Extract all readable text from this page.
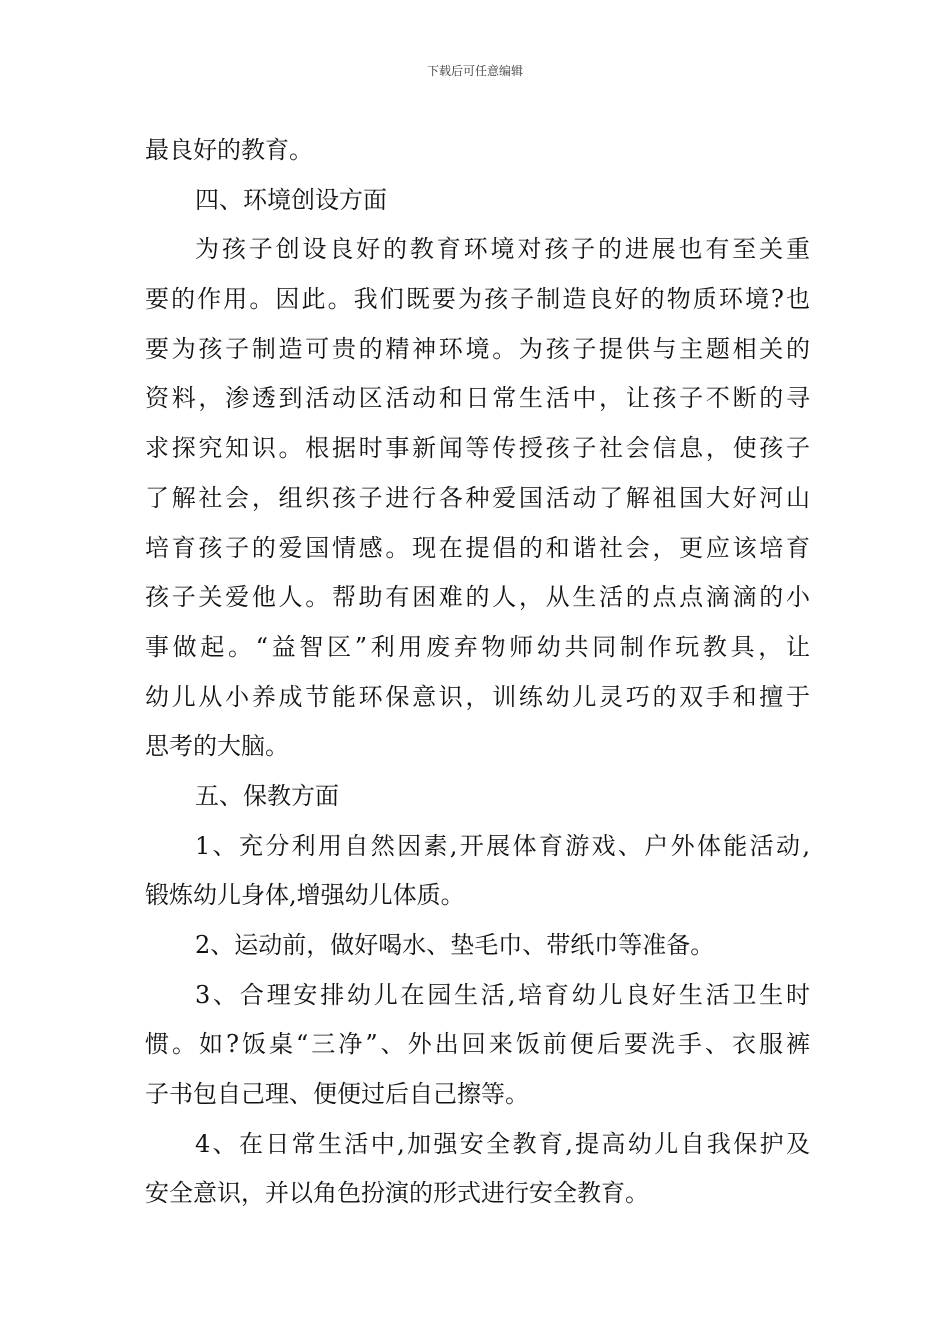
下载后可任意编辑
最良好的教育。
四、环境创设方面
为孩子创设良好的教育环境对孩子的进展也有至关重
要的作用。因此。我们既要为孩子制造良好的物质环境?也
要为孩子制造可贵的精神环境。为孩子提供与主题相关的
资料，渗透到活动区活动和日常生活中，让孩子不断的寻
求探究知识。根据时事新闻等传授孩子社会信息，使孩子
了解社会，组织孩子进行各种爱国活动了解祖国大好河山
培育孩子的爱国情感。现在提倡的和谐社会，更应该培育
孩子关爱他人。帮助有困难的人，从生活的点点滴滴的小
事做起。“益智区”利用废弃物师幼共同制作玩教具，让
幼儿从小养成节能环保意识，训练幼儿灵巧的双手和擅于
思考的大脑。
五、保教方面
1、充分利用自然因素,开展体育游戏、户外体能活动,
锻炼幼儿身体,增强幼儿体质。
2、运动前，做好喝水、垫毛巾、带纸巾等准备。
3、合理安排幼儿在园生活,培育幼儿良好生活卫生时
惯。如?饭桌“三净”、外出回来饭前便后要洗手、衣服裤
子书包自己理、便便过后自己擦等。
4、在日常生活中,加强安全教育,提高幼儿自我保护及
安全意识，并以角色扮演的形式进行安全教育。
